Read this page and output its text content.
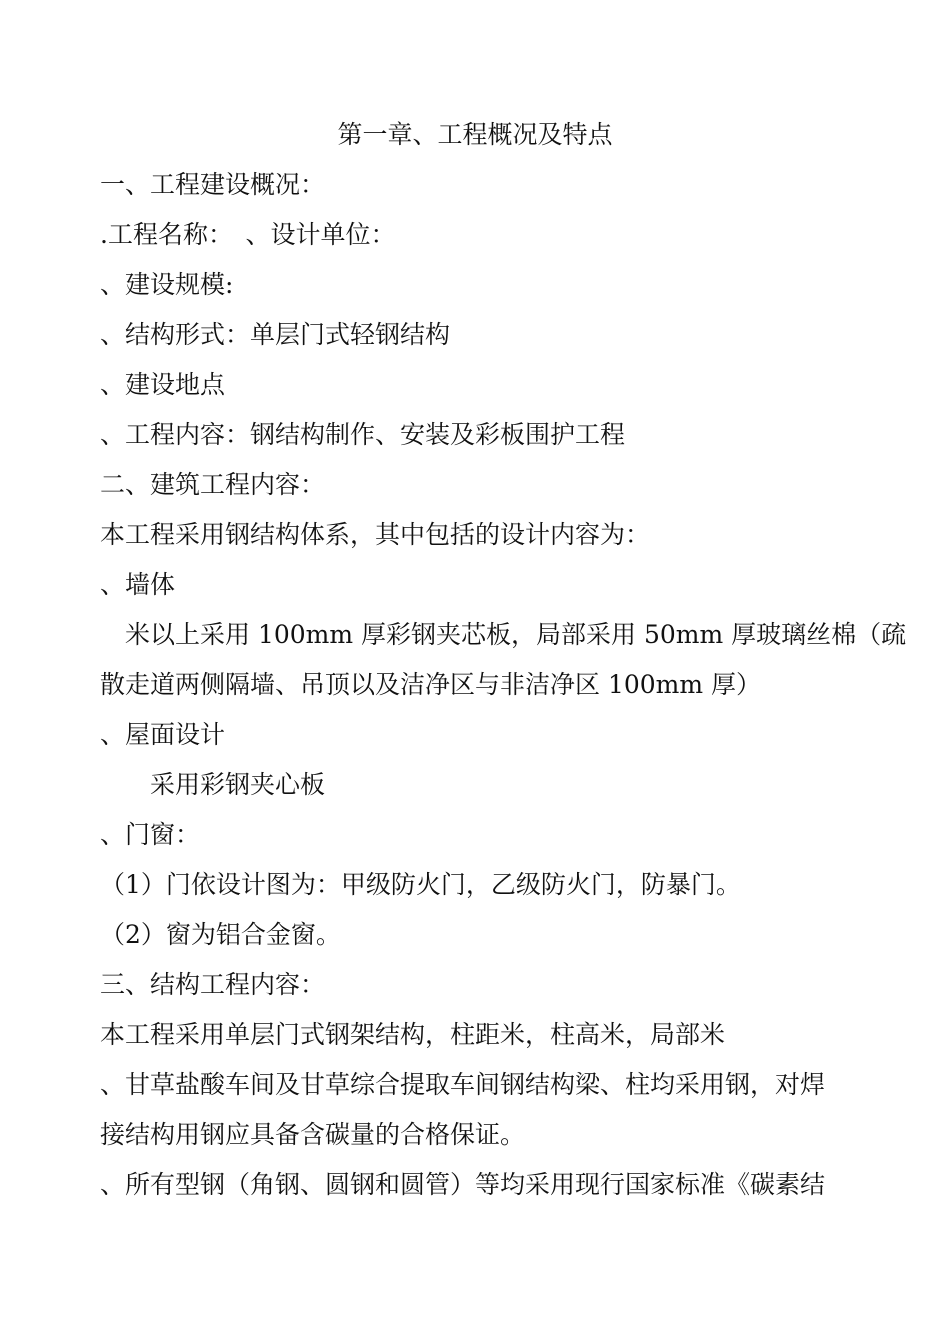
第一章、工程概况及特点
一、工程建设概况：
.工程名称：　、设计单位：
、建设规模:
、结构形式：单层门式轻钢结构
、建设地点
、工程内容：钢结构制作、安装及彩板围护工程
二、建筑工程内容：
本工程采用钢结构体系，其中包括的设计内容为：
、墙体
　米以上采用 100mm 厚彩钢夹芯板，局部采用 50mm 厚玻璃丝棉（疏
散走道两侧隔墙、吊顶以及洁净区与非洁净区 100mm 厚）
、屋面设计
　　采用彩钢夹心板
、门窗：
（1）门依设计图为：甲级防火门，乙级防火门，防暴门。
（2）窗为铝合金窗。
三、结构工程内容：
本工程采用单层门式钢架结构，柱距米，柱高米，局部米
、甘草盐酸车间及甘草综合提取车间钢结构梁、柱均采用钢，对焊
接结构用钢应具备含碳量的合格保证。
、所有型钢（角钢、圆钢和圆管）等均采用现行国家标准《碳素结
